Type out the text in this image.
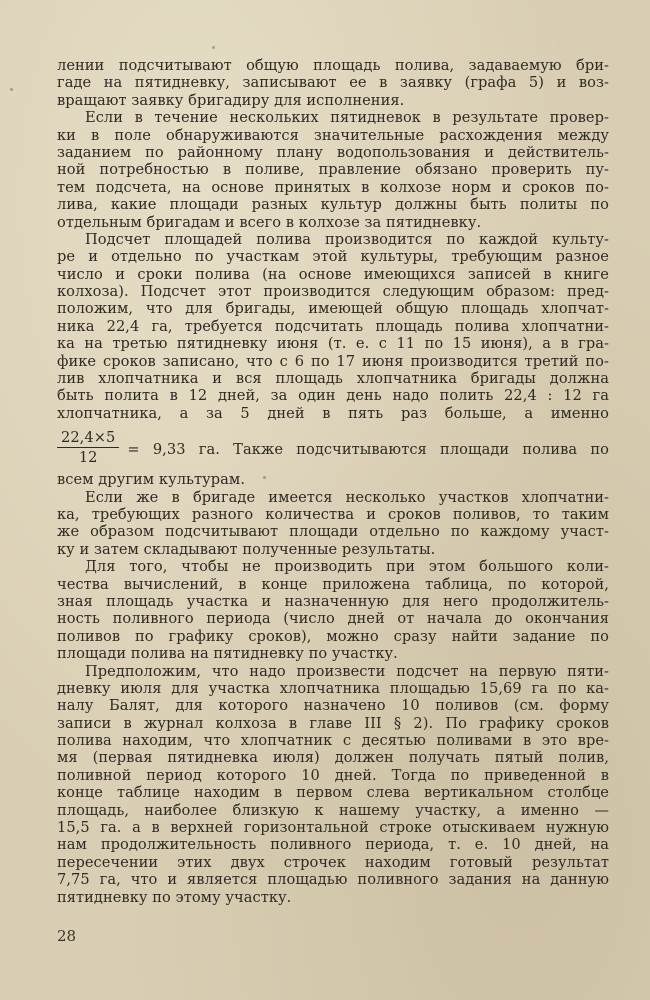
лении подсчитывают общую площадь полива, задаваемую бри-
гаде на пятидневку, записывают ее в заявку (графа 5) и воз-
вращают заявку бригадиру для исполнения.
Если в течение нескольких пятидневок в результате провер-
ки в поле обнаруживаются значительные расхождения между
заданием по районному плану водопользования и действитель-
ной потребностью в поливе, правление обязано проверить пу-
тем подсчета, на основе принятых в колхозе норм и сроков по-
лива, какие площади разных культур должны быть политы по
отдельным бригадам и всего в колхозе за пятидневку.
Подсчет площадей полива производится по каждой культу-
ре и отдельно по участкам этой культуры, требующим разное
число и сроки полива (на основе имеющихся записей в книге
колхоза). Подсчет этот производится следующим образом: пред-
положим, что для бригады, имеющей общую площадь хлопчат-
ника 22,4 га, требуется подсчитать площадь полива хлопчатни-
ка на третью пятидневку июня (т. е. с 11 по 15 июня), а в гра-
фике сроков записано, что с 6 по 17 июня производится третий по-
лив хлопчатника и вся площадь хлопчатника бригады должна
быть полита в 12 дней, за один день надо полить 22,4 : 12 га
хлопчатника, а за 5 дней в пять раз больше, а именно
$\frac{22,4\times 5}{12} = 9,33$ га. Также подсчитываются площади полива по
всем другим культурам.
Если же в бригаде имеется несколько участков хлопчатни-
ка, требующих разного количества и сроков поливов, то таким
же образом подсчитывают площади отдельно по каждому участ-
ку и затем складывают полученные результаты.
Для того, чтобы не производить при этом большого коли-
чества вычислений, в конце приложена таблица, по которой,
зная площадь участка и назначенную для него продолжитель-
ность поливного периода (число дней от начала до окончания
поливов по графику сроков), можно сразу найти задание по
площади полива на пятидневку по участку.
Предположим, что надо произвести подсчет на первую пяти-
дневку июля для участка хлопчатника площадью 15,69 га по ка-
налу Балят, для которого назначено 10 поливов (см. форму
записи в журнал колхоза в главе III § 2). По графику сроков
полива находим, что хлопчатник с десятью поливами в это вре-
мя (первая пятидневка июля) должен получать пятый полив,
поливной период которого 10 дней. Тогда по приведенной в
конце таблице находим в первом слева вертикальном столбце
площадь, наиболее близкую к нашему участку, а именно —
15,5 га. а в верхней горизонтальной строке отыскиваем нужную
нам продолжительность поливного периода, т. е. 10 дней, на
пересечении этих двух строчек находим готовый результат
7,75 га, что и является площадью поливного задания на данную
пятидневку по этому участку.
28
